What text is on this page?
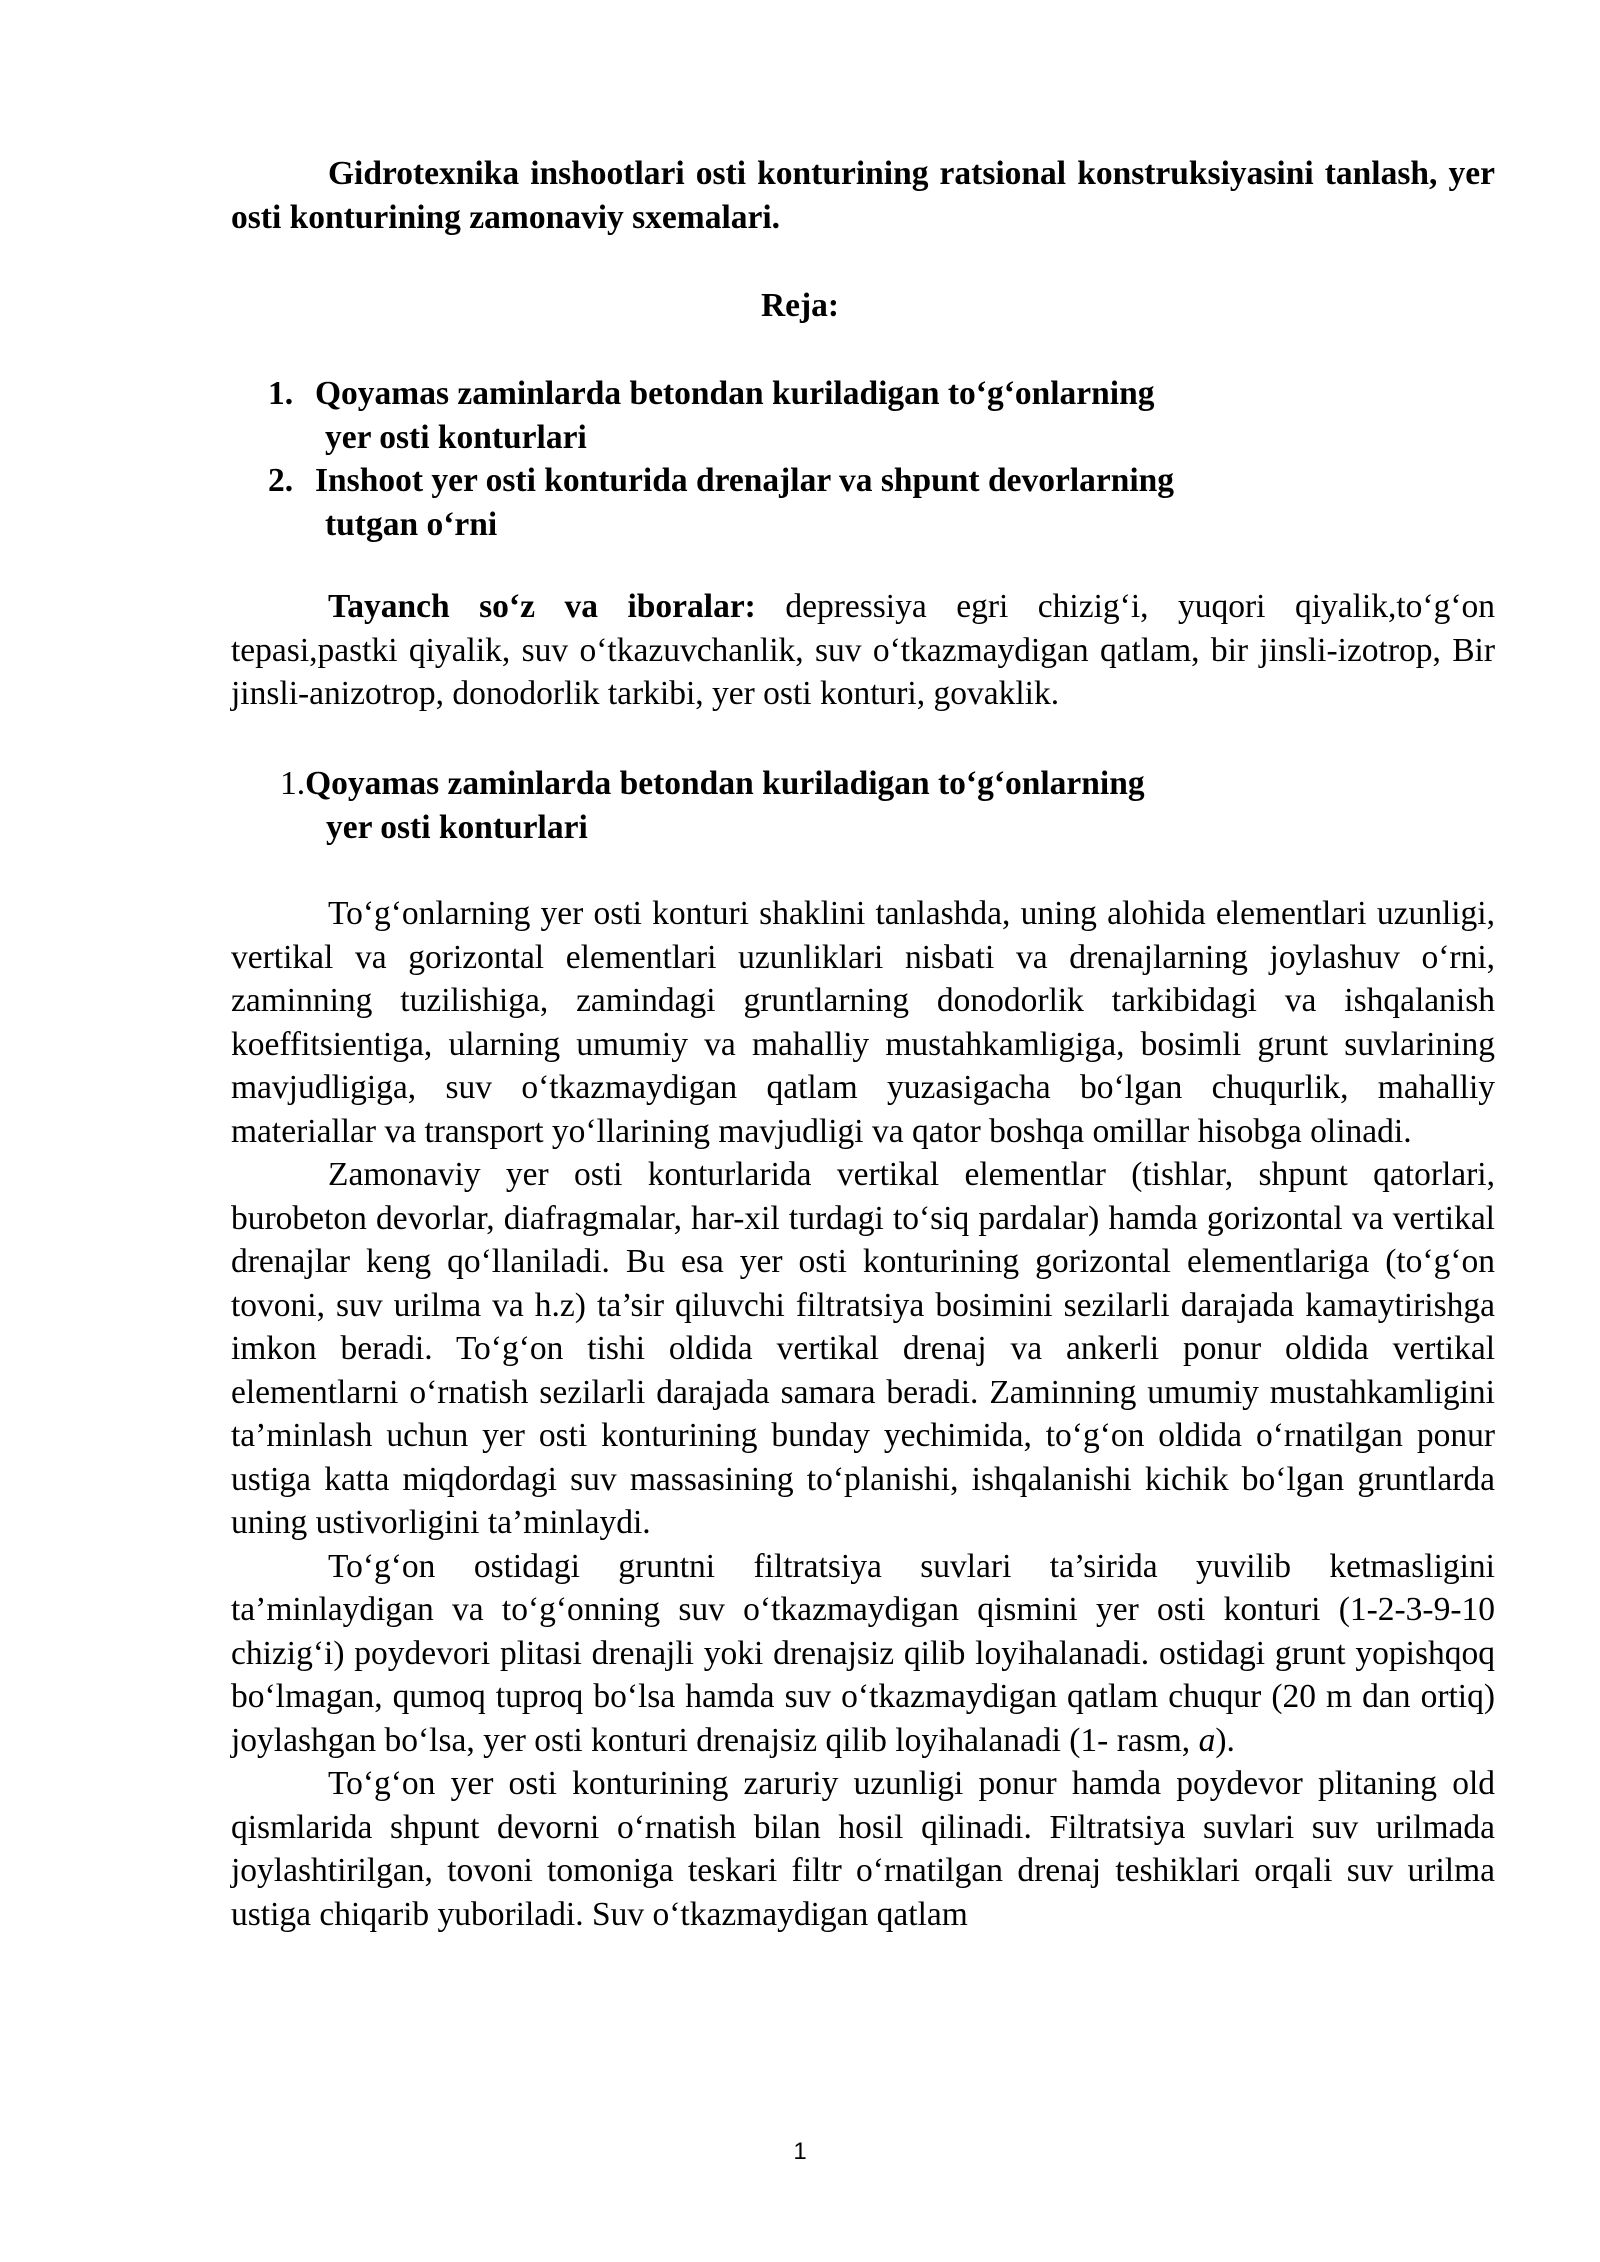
Gidrotexnika inshootlari osti konturining ratsional konstruksiyasini tanlash, yer osti konturining zamonaviy sxemalari.
Reja:
1. Qoyamas zaminlarda betondan kuriladigan to‘g‘onlarning
yer osti konturlari
2. Inshoot yer osti konturida drenajlar va shpunt devorlarning
tutgan o‘rni
Tayanch so‘z va iboralar: depressiya egri chizig‘i, yuqori qiyalik,to‘g‘on tepasi,pastki qiyalik, suv o‘tkazuvchanlik, suv o‘tkazmaydigan qatlam, bir jinsli-izotrop, Bir jinsli-anizotrop, donodorlik tarkibi, yer osti konturi, govaklik.
1.Qoyamas zaminlarda betondan kuriladigan to‘g‘onlarning
yer osti konturlari

To‘g‘onlarning yer osti konturi shaklini tanlashda, uning alohida elementlari uzunligi, vertikal va gorizontal elementlari uzunliklari nisbati va drenajlarning joylashuv o‘rni, zaminning tuzilishiga, zamindagi gruntlarning donodorlik tarkibidagi va ishqalanish koeffitsientiga, ularning umumiy va mahalliy mustahkamligiga, bosimli grunt suvlarining mavjudligiga, suv o‘tkazmaydigan qatlam yuzasigacha bo‘lgan chuqurlik, mahalliy materiallar va transport yo‘llarining mavjudligi va qator boshqa omillar hisobga olinadi.

Zamonaviy yer osti konturlarida vertikal elementlar (tishlar, shpunt qatorlari, burobeton devorlar, diafragmalar, har-xil turdagi to‘siq pardalar) hamda gorizontal va vertikal drenajlar keng qo‘llaniladi. Bu esa yer osti konturining gorizontal elementlariga (to‘g‘on tovoni, suv urilma va h.z) ta’sir qiluvchi filtratsiya bosimini sezilarli darajada kamaytirishga imkon beradi. To‘g‘on tishi oldida vertikal drenaj va ankerli ponur oldida vertikal elementlarni o‘rnatish sezilarli darajada samara beradi. Zaminning umumiy mustahkamligini ta’minlash uchun yer osti konturining bunday yechimida, to‘g‘on oldida o‘rnatilgan ponur ustiga katta miqdordagi suv massasining to‘planishi, ishqalanishi kichik bo‘lgan gruntlarda uning ustivorligini ta’minlaydi.

To‘g‘on ostidagi gruntni filtratsiya suvlari ta’sirida yuvilib ketmasligini ta’minlaydigan va to‘g‘onning suv o‘tkazmaydigan qismini yer osti konturi (1-2-3-9-10 chizig‘i) poydevori plitasi drenajli yoki drenajsiz qilib loyihalanadi. ostidagi grunt yopishqoq bo‘lmagan, qumoq tuproq bo‘lsa hamda suv o‘tkazmaydigan qatlam chuqur (20 m dan ortiq) joylashgan bo‘lsa, yer osti konturi drenajsiz qilib loyihalanadi (1- rasm, a).

To‘g‘on yer osti konturining zaruriy uzunligi ponur hamda poydevor plitaning old qismlarida shpunt devorni o‘rnatish bilan hosil qilinadi. Filtratsiya suvlari suv urilmada joylashtirilgan, tovoni tomoniga teskari filtr o‘rnatilgan drenaj teshiklari orqali suv urilma ustiga chiqarib yuboriladi. Suv o‘tkazmaydigan qatlam

1
